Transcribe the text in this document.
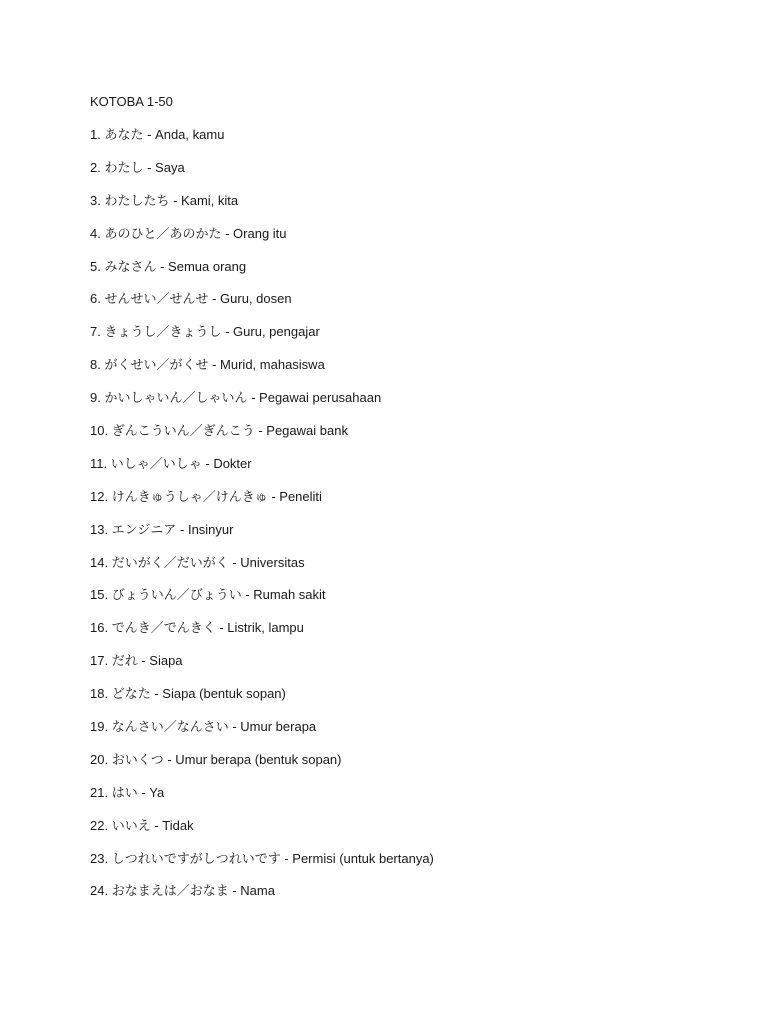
KOTOBA 1-50
1. あなた - Anda, kamu
2. わたし - Saya
3. わたしたち - Kami, kita
4. あのひと／あのかた - Orang itu
5. みなさん - Semua orang
6. せんせい／せんせ - Guru, dosen
7. きょうし／きょうし - Guru, pengajar
8. がくせい／がくせ - Murid, mahasiswa
9. かいしゃいん／しゃいん - Pegawai perusahaan
10. ぎんこういん／ぎんこう - Pegawai bank
11. いしゃ／いしゃ - Dokter
12. けんきゅうしゃ／けんきゅ - Peneliti
13. エンジニア - Insinyur
14. だいがく／だいがく - Universitas
15. びょういん／びょうい - Rumah sakit
16. でんき／でんきく - Listrik, lampu
17. だれ - Siapa
18. どなた - Siapa (bentuk sopan)
19. なんさい／なんさい - Umur berapa
20. おいくつ - Umur berapa (bentuk sopan)
21. はい - Ya
22. いいえ - Tidak
23. しつれいですがしつれいです - Permisi (untuk bertanya)
24. おなまえは／おなま - Nama
